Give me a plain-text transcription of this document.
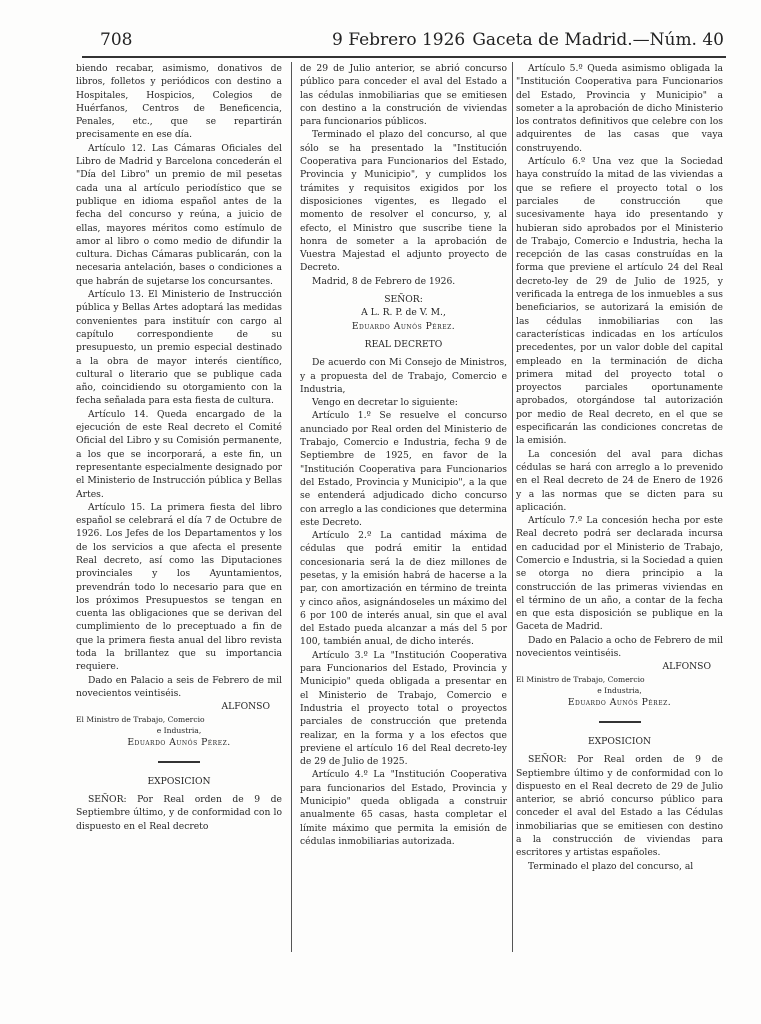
708	9 Febrero 1926 Gaceta de Madrid.—Núm. 40

biendo recabar, asimismo, donativos de libros, folletos y periódicos con destino a Hospitales, Hospicios, Colegios de Huérfanos, Centros de Beneficencia, Penales, etc., que se repartirán precisamente en ese día.

Artículo 12. Las Cámaras Oficiales del Libro de Madrid y Barcelona concederán el "Día del Libro" un premio de mil pesetas cada una al artículo periodístico que se publique en idioma español antes de la fecha del concurso y reúna, a juicio de ellas, mayores méritos como estímulo de amor al libro o como medio de difundir la cultura. Dichas Cámaras publicarán, con la necesaria antelación, bases o condiciones a que habrán de sujetarse los concursantes.

Artículo 13. El Ministerio de Instrucción pública y Bellas Artes adoptará las medidas convenientes para instituír con cargo al capítulo correspondiente de su presupuesto, un premio especial destinado a la obra de mayor interés científico, cultural o literario que se publique cada año, coincidiendo su otorgamiento con la fecha señalada para esta fiesta de cultura.

Artículo 14. Queda encargado de la ejecución de este Real decreto el Comité Oficial del Libro y su Comisión permanente, a los que se incorporará, a este fin, un representante especialmente designado por el Ministerio de Instrucción pública y Bellas Artes.

Artículo 15. La primera fiesta del libro español se celebrará el día 7 de Octubre de 1926. Los Jefes de los Departamentos y los de los servicios a que afecta el presente Real decreto, así como las Diputaciones provinciales y los Ayuntamientos, prevendrán todo lo necesario para que en los próximos Presupuestos se tengan en cuenta las obligaciones que se derivan del cumplimiento de lo preceptuado a fin de que la primera fiesta anual del libro revista toda la brillantez que su importancia requiere.

Dado en Palacio a seis de Febrero de mil novecientos veintiséis.

ALFONSO

El Ministro de Trabajo, Comercio

e Industria,

Eduardo Aunós Pérez.

EXPOSICION

SEÑOR: Por Real orden de 9 de Septiembre último, y de conformidad con lo dispuesto en el Real decreto

de 29 de Julio anterior, se abrió concurso público para conceder el aval del Estado a las cédulas inmobiliarias que se emitiesen con destino a la construción de viviendas para funcionarios públicos.

Terminado el plazo del concurso, al que sólo se ha presentado la "Institución Cooperativa para Funcionarios del Estado, Provincia y Municipio", y cumplidos los trámites y requisitos exigidos por los disposiciones vigentes, es llegado el momento de resolver el concurso, y, al efecto, el Ministro que suscribe tiene la honra de someter a la aprobación de Vuestra Majestad el adjunto proyecto de Decreto.

Madrid, 8 de Febrero de 1926.

SEÑOR:

A L. R. P. de V. M.,

Eduardo Aunós Pérez.

REAL DECRETO

De acuerdo con Mi Consejo de Ministros, y a propuesta del de Trabajo, Comercio e Industria,

Vengo en decretar lo siguiente:

Artículo 1.º Se resuelve el concurso anunciado por Real orden del Ministerio de Trabajo, Comercio e Industria, fecha 9 de Septiembre de 1925, en favor de la "Institución Cooperativa para Funcionarios del Estado, Provincia y Municipio", a la que se entenderá adjudicado dicho concurso con arreglo a las condiciones que determina este Decreto.

Artículo 2.º La cantidad máxima de cédulas que podrá emitir la entidad concesionaria será la de diez millones de pesetas, y la emisión habrá de hacerse a la par, con amortización en término de treinta y cinco años, asignándoseles un máximo del 6 por 100 de interés anual, sin que el aval del Estado pueda alcanzar a más del 5 por 100, también anual, de dicho interés.

Artículo 3.º La "Institución Cooperativa para Funcionarios del Estado, Provincia y Municipio" queda obligada a presentar en el Ministerio de Trabajo, Comercio e Industria el proyecto total o proyectos parciales de construcción que pretenda realizar, en la forma y a los efectos que previene el artículo 16 del Real decreto-ley de 29 de Julio de 1925.

Artículo 4.º La "Institución Cooperativa para funcionarios del Estado, Provincia y Municipio" queda obligada a construir anualmente 65 casas, hasta completar el límite máximo que permita la emisión de cédulas inmobiliarias autorizada.

Artículo 5.º Queda asimismo obligada la "Institución Cooperativa para Funcionarios del Estado, Provincia y Municipio" a someter a la aprobación de dicho Ministerio los contratos definitivos que celebre con los adquirentes de las casas que vaya construyendo.

Artículo 6.º Una vez que la Sociedad haya construído la mitad de las viviendas a que se refiere el proyecto total o los parciales de construcción que sucesivamente haya ido presentando y hubieran sido aprobados por el Ministerio de Trabajo, Comercio e Industria, hecha la recepción de las casas construídas en la forma que previene el artículo 24 del Real decreto-ley de 29 de Julio de 1925, y verificada la entrega de los inmuebles a sus beneficiarios, se autorizará la emisión de las cédulas inmobiliarias con las características indicadas en los artículos precedentes, por un valor doble del capital empleado en la terminación de dicha primera mitad del proyecto total o proyectos parciales oportunamente aprobados, otorgándose tal autorización por medio de Real decreto, en el que se especificarán las condiciones concretas de la emisión.

La concesión del aval para dichas cédulas se hará con arreglo a lo prevenido en el Real decreto de 24 de Enero de 1926 y a las normas que se dicten para su aplicación.

Artículo 7.º La concesión hecha por este Real decreto podrá ser declarada incursa en caducidad por el Ministerio de Trabajo, Comercio e Industria, si la Sociedad a quien se otorga no diera principio a la construcción de las primeras viviendas en el término de un año, a contar de la fecha en que esta disposición se publique en la Gaceta de Madrid.

Dado en Palacio a ocho de Febrero de mil novecientos veintiséis.

ALFONSO

El Ministro de Trabajo, Comercio

e Industria,

Eduardo Aunós Pérez.

EXPOSICION

SEÑOR: Por Real orden de 9 de Septiembre último y de conformidad con lo dispuesto en el Real decreto de 29 de Julio anterior, se abrió concurso público para conceder el aval del Estado a las Cédulas inmobiliarias que se emitiesen con destino a la construcción de viviendas para escritores y artistas españoles.

Terminado el plazo del concurso, al
